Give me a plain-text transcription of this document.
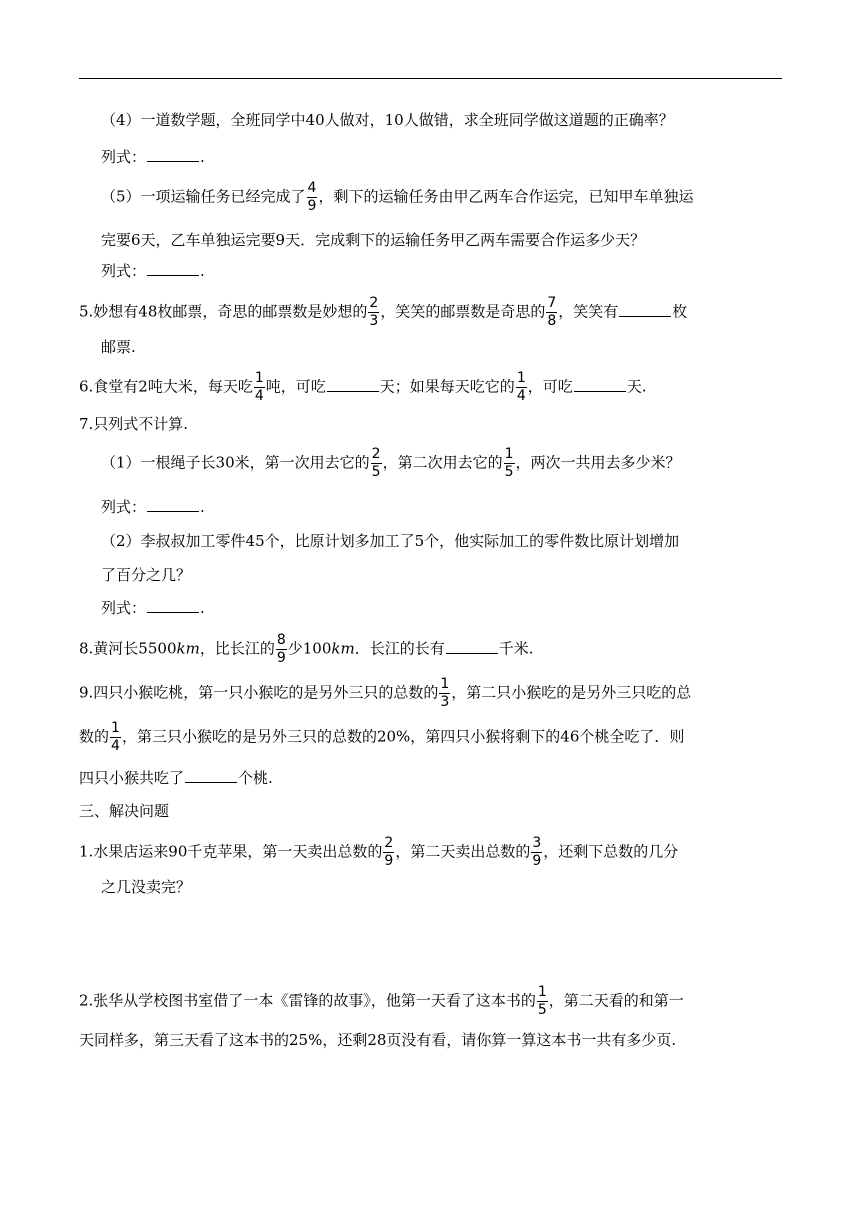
（4）一道数学题，全班同学中40人做对，10人做错，求全班同学做这道题的正确率？
列式：	.
（5）一项运输任务已经完成了 $\frac{4}{9}$ ，剩下的运输任务由甲乙两车合作运完，已知甲车单独运
完要6天，乙车单独运完要9天．完成剩下的运输任务甲乙两车需要合作运多少天？
列式：	.
5.妙想有48枚邮票，奇思的邮票数是妙想的 $\frac{2}{3}$ ，笑笑的邮票数是奇思的 $\frac{7}{8}$ ，笑笑有	枚
邮票.
6.食堂有2吨大米，每天吃 $\frac{1}{4}$ 吨，可吃	天；如果每天吃它的 $\frac{1}{4}$ ，可吃	天.
7.只列式不计算.
（1）一根绳子长30米，第一次用去它的 $\frac{2}{5}$ ，第二次用去它的 $\frac{1}{5}$ ，两次一共用去多少米？
列式：	.
（2）李叔叔加工零件45个，比原计划多加工了5个，他实际加工的零件数比原计划增加
了百分之几？
列式：	.
8.黄河长5500km，比长江的 $\frac{8}{9}$ 少100km．长江的长有	千米.
9.四只小猴吃桃，第一只小猴吃的是另外三只的总数的 $\frac{1}{3}$ ，第二只小猴吃的是另外三只吃的总
数的 $\frac{1}{4}$ ，第三只小猴吃的是另外三只的总数的20%，第四只小猴将剩下的46个桃全吃了．则
四只小猴共吃了	个桃.
三、解决问题
1.水果店运来90千克苹果，第一天卖出总数的 $\frac{2}{9}$ ，第二天卖出总数的 $\frac{3}{9}$ ，还剩下总数的几分
之几没卖完？
2.张华从学校图书室借了一本《雷锋的故事》，他第一天看了这本书的 $\frac{1}{5}$ ，第二天看的和第一
天同样多，第三天看了这本书的25%，还剩28页没有看，请你算一算这本书一共有多少页.
